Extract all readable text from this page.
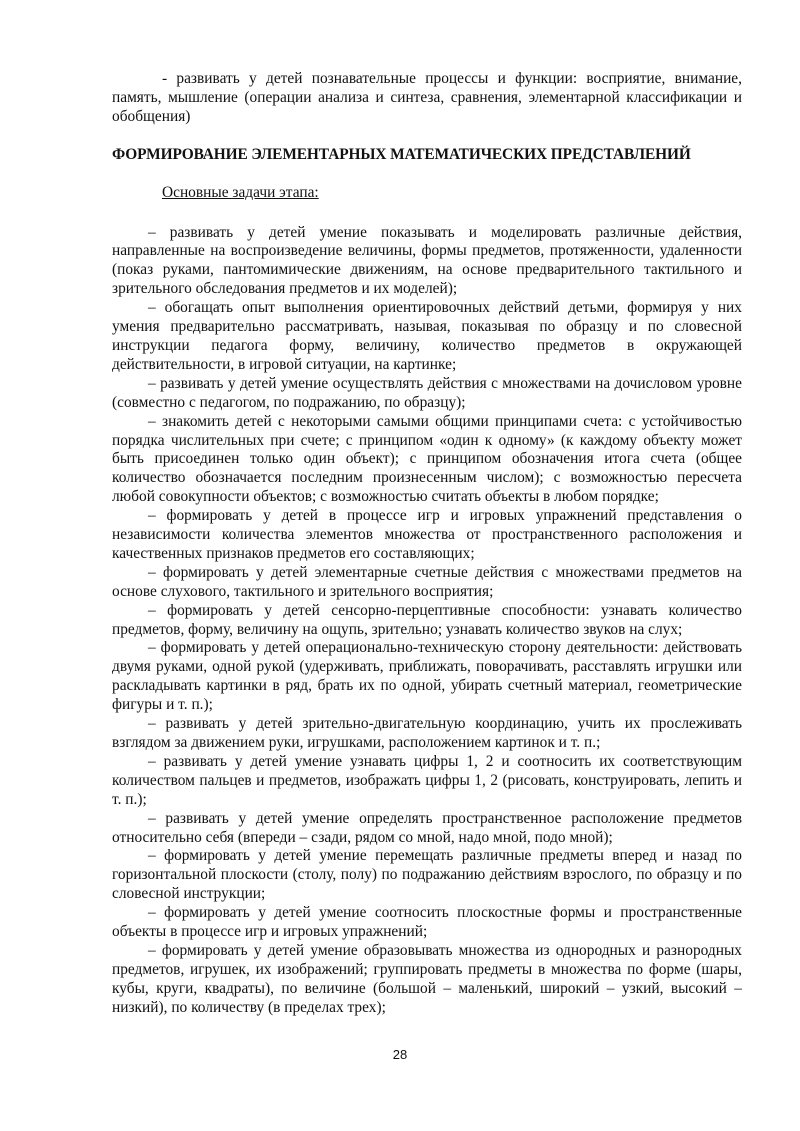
- развивать у детей познавательные процессы и функции: восприятие, внимание, память, мышление (операции анализа и синтеза, сравнения, элементарной классификации и обобщения)

ФОРМИРОВАНИЕ ЭЛЕМЕНТАРНЫХ МАТЕМАТИЧЕСКИХ ПРЕДСТАВЛЕНИЙ

Основные задачи этапа:

– развивать у детей умение показывать и моделировать различные действия, направленные на воспроизведение величины, формы предметов, протяженности, удаленности (показ руками, пантомимические движениям, на основе предварительного тактильного и зрительного обследования предметов и их моделей);

– обогащать опыт выполнения ориентировочных действий детьми, формируя у них умения предварительно рассматривать, называя, показывая по образцу и по словесной инструкции педагога форму, величину, количество предметов в окружающей действительности, в игровой ситуации, на картинке;

– развивать у детей умение осуществлять действия с множествами на дочисловом уровне (совместно с педагогом, по подражанию, по образцу);

– знакомить детей с некоторыми самыми общими принципами счета: с устойчивостью порядка числительных при счете; с принципом «один к одному» (к каждому объекту может быть присоединен только один объект); с принципом обозначения итога счета (общее количество обозначается последним произнесенным числом); с возможностью пересчета любой совокупности объектов; с возможностью считать объекты в любом порядке;

– формировать у детей в процессе игр и игровых упражнений представления о независимости количества элементов множества от пространственного расположения и качественных признаков предметов его составляющих;

– формировать у детей элементарные счетные действия с множествами предметов на основе слухового, тактильного и зрительного восприятия;

– формировать у детей сенсорно-перцептивные способности: узнавать количество предметов, форму, величину на ощупь, зрительно; узнавать количество звуков на слух;

– формировать у детей операционально-техническую сторону деятельности: действовать двумя руками, одной рукой (удерживать, приближать, поворачивать, расставлять игрушки или раскладывать картинки в ряд, брать их по одной, убирать счетный материал, геометрические фигуры и т. п.);

– развивать у детей зрительно-двигательную координацию, учить их прослеживать взглядом за движением руки, игрушками, расположением картинок и т. п.;

– развивать у детей умение узнавать цифры 1, 2 и соотносить их соответствующим количеством пальцев и предметов, изображать цифры 1, 2 (рисовать, конструировать, лепить и т. п.);

– развивать у детей умение определять пространственное расположение предметов относительно себя (впереди – сзади, рядом со мной, надо мной, подо мной);

– формировать у детей умение перемещать различные предметы вперед и назад по горизонтальной плоскости (столу, полу) по подражанию действиям взрослого, по образцу и по словесной инструкции;

– формировать у детей умение соотносить плоскостные формы и пространственные объекты в процессе игр и игровых упражнений;

– формировать у детей умение образовывать множества из однородных и разнородных предметов, игрушек, их изображений; группировать предметы в множества по форме (шары, кубы, круги, квадраты), по величине (большой – маленький, широкий – узкий, высокий – низкий), по количеству (в пределах трех);

28
